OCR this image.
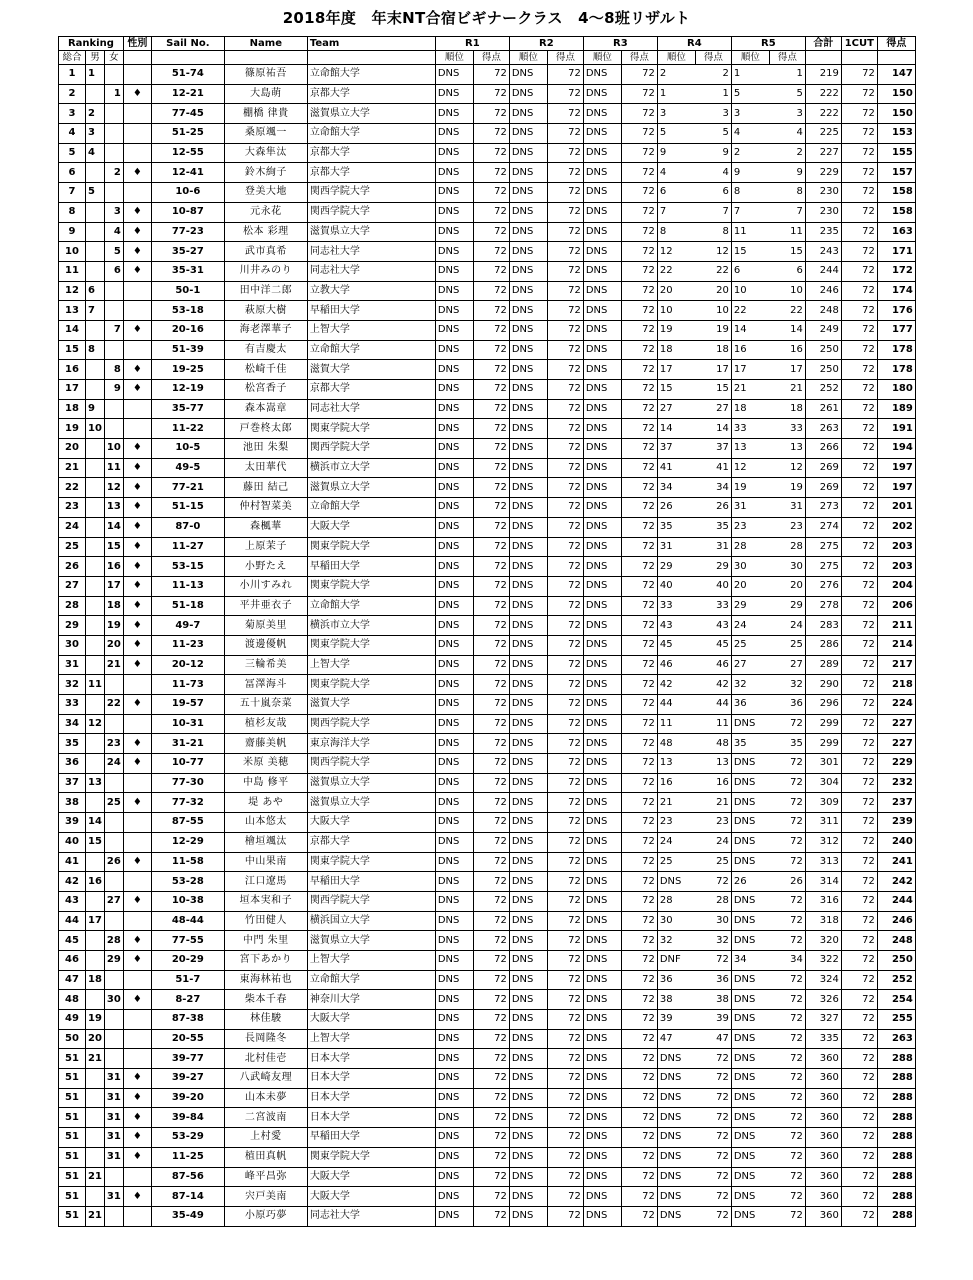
2018年度　年末NT合宿ビギナークラス　4〜8班リザルト
Ranking			性別	Sail No.	Name	Team	R1		R2		R3		R4		R5		合計	1CUT	得点
総合	男	女					順位	得点	順位	得点	順位	得点	順位	得点	順位	得点			
1	1			51-74	篠原祐吾	立命館大学	DNS	72	DNS	72	DNS	72	2	2	1	1	219	72	147
2		1	♦	12-21	大島萌	京都大学	DNS	72	DNS	72	DNS	72	1	1	5	5	222	72	150
3	2			77-45	棚橋 律貴	滋賀県立大学	DNS	72	DNS	72	DNS	72	3	3	3	3	222	72	150
4	3			51-25	桑原颯一	立命館大学	DNS	72	DNS	72	DNS	72	5	5	4	4	225	72	153
5	4			12-55	大森隼汰	京都大学	DNS	72	DNS	72	DNS	72	9	9	2	2	227	72	155
6		2	♦	12-41	鈴木絢子	京都大学	DNS	72	DNS	72	DNS	72	4	4	9	9	229	72	157
7	5			10-6	登美大地	関西学院大学	DNS	72	DNS	72	DNS	72	6	6	8	8	230	72	158
8		3	♦	10-87	元永花	関西学院大学	DNS	72	DNS	72	DNS	72	7	7	7	7	230	72	158
9		4	♦	77-23	松本 彩理	滋賀県立大学	DNS	72	DNS	72	DNS	72	8	8	11	11	235	72	163
10		5	♦	35-27	武市真希	同志社大学	DNS	72	DNS	72	DNS	72	12	12	15	15	243	72	171
11		6	♦	35-31	川井みのり	同志社大学	DNS	72	DNS	72	DNS	72	22	22	6	6	244	72	172
12	6			50-1	田中洋二郎	立教大学	DNS	72	DNS	72	DNS	72	20	20	10	10	246	72	174
13	7			53-18	萩原大樹	早稲田大学	DNS	72	DNS	72	DNS	72	10	10	22	22	248	72	176
14		7	♦	20-16	海老澤華子	上智大学	DNS	72	DNS	72	DNS	72	19	19	14	14	249	72	177
15	8			51-39	有吉慶太	立命館大学	DNS	72	DNS	72	DNS	72	18	18	16	16	250	72	178
16		8	♦	19-25	松崎千佳	滋賀大学	DNS	72	DNS	72	DNS	72	17	17	17	17	250	72	178
17		9	♦	12-19	松宮香子	京都大学	DNS	72	DNS	72	DNS	72	15	15	21	21	252	72	180
18	9			35-77	森本嵩章	同志社大学	DNS	72	DNS	72	DNS	72	27	27	18	18	261	72	189
19	10			11-22	戸巻柊太郎	関東学院大学	DNS	72	DNS	72	DNS	72	14	14	33	33	263	72	191
20		10	♦	10-5	池田 朱梨	関西学院大学	DNS	72	DNS	72	DNS	72	37	37	13	13	266	72	194
21		11	♦	49-5	太田華代	横浜市立大学	DNS	72	DNS	72	DNS	72	41	41	12	12	269	72	197
22		12	♦	77-21	藤田 結己	滋賀県立大学	DNS	72	DNS	72	DNS	72	34	34	19	19	269	72	197
23		13	♦	51-15	仲村智菜美	立命館大学	DNS	72	DNS	72	DNS	72	26	26	31	31	273	72	201
24		14	♦	87-0	森楓華	大阪大学	DNS	72	DNS	72	DNS	72	35	35	23	23	274	72	202
25		15	♦	11-27	上原茉子	関東学院大学	DNS	72	DNS	72	DNS	72	31	31	28	28	275	72	203
26		16	♦	53-15	小野たえ	早稲田大学	DNS	72	DNS	72	DNS	72	29	29	30	30	275	72	203
27		17	♦	11-13	小川すみれ	関東学院大学	DNS	72	DNS	72	DNS	72	40	40	20	20	276	72	204
28		18	♦	51-18	平井亜衣子	立命館大学	DNS	72	DNS	72	DNS	72	33	33	29	29	278	72	206
29		19	♦	49-7	菊原美里	横浜市立大学	DNS	72	DNS	72	DNS	72	43	43	24	24	283	72	211
30		20	♦	11-23	渡邊優帆	関東学院大学	DNS	72	DNS	72	DNS	72	45	45	25	25	286	72	214
31		21	♦	20-12	三輪希美	上智大学	DNS	72	DNS	72	DNS	72	46	46	27	27	289	72	217
32	11			11-73	冨澤海斗	関東学院大学	DNS	72	DNS	72	DNS	72	42	42	32	32	290	72	218
33		22	♦	19-57	五十嵐奈菜	滋賀大学	DNS	72	DNS	72	DNS	72	44	44	36	36	296	72	224
34	12			10-31	植杉友哉	関西学院大学	DNS	72	DNS	72	DNS	72	11	11	DNS	72	299	72	227
35		23	♦	31-21	齋藤美帆	東京海洋大学	DNS	72	DNS	72	DNS	72	48	48	35	35	299	72	227
36		24	♦	10-77	米原 美穂	関西学院大学	DNS	72	DNS	72	DNS	72	13	13	DNS	72	301	72	229
37	13			77-30	中島 修平	滋賀県立大学	DNS	72	DNS	72	DNS	72	16	16	DNS	72	304	72	232
38		25	♦	77-32	堤 あや	滋賀県立大学	DNS	72	DNS	72	DNS	72	21	21	DNS	72	309	72	237
39	14			87-55	山本悠太	大阪大学	DNS	72	DNS	72	DNS	72	23	23	DNS	72	311	72	239
40	15			12-29	檜垣颯汰	京都大学	DNS	72	DNS	72	DNS	72	24	24	DNS	72	312	72	240
41		26	♦	11-58	中山果南	関東学院大学	DNS	72	DNS	72	DNS	72	25	25	DNS	72	313	72	241
42	16			53-28	江口遼馬	早稲田大学	DNS	72	DNS	72	DNS	72	DNS	72	26	26	314	72	242
43		27	♦	10-38	垣本実和子	関西学院大学	DNS	72	DNS	72	DNS	72	28	28	DNS	72	316	72	244
44	17			48-44	竹田健人	横浜国立大学	DNS	72	DNS	72	DNS	72	30	30	DNS	72	318	72	246
45		28	♦	77-55	中門 朱里	滋賀県立大学	DNS	72	DNS	72	DNS	72	32	32	DNS	72	320	72	248
46		29	♦	20-29	宮下あかり	上智大学	DNS	72	DNS	72	DNS	72	DNF	72	34	34	322	72	250
47	18			51-7	東海林祐也	立命館大学	DNS	72	DNS	72	DNS	72	36	36	DNS	72	324	72	252
48		30	♦	8-27	柴本千春	神奈川大学	DNS	72	DNS	72	DNS	72	38	38	DNS	72	326	72	254
49	19			87-38	林佳駿	大阪大学	DNS	72	DNS	72	DNS	72	39	39	DNS	72	327	72	255
50	20			20-55	長岡隆冬	上智大学	DNS	72	DNS	72	DNS	72	47	47	DNS	72	335	72	263
51	21			39-77	北村佳壱	日本大学	DNS	72	DNS	72	DNS	72	DNS	72	DNS	72	360	72	288
51		31	♦	39-27	八武崎友理	日本大学	DNS	72	DNS	72	DNS	72	DNS	72	DNS	72	360	72	288
51		31	♦	39-20	山本未夢	日本大学	DNS	72	DNS	72	DNS	72	DNS	72	DNS	72	360	72	288
51		31	♦	39-84	二宮波南	日本大学	DNS	72	DNS	72	DNS	72	DNS	72	DNS	72	360	72	288
51		31	♦	53-29	上村愛	早稲田大学	DNS	72	DNS	72	DNS	72	DNS	72	DNS	72	360	72	288
51		31	♦	11-25	植田真帆	関東学院大学	DNS	72	DNS	72	DNS	72	DNS	72	DNS	72	360	72	288
51	21			87-56	峰平昌弥	大阪大学	DNS	72	DNS	72	DNS	72	DNS	72	DNS	72	360	72	288
51		31	♦	87-14	宍戸美南	大阪大学	DNS	72	DNS	72	DNS	72	DNS	72	DNS	72	360	72	288
51	21			35-49	小原巧夢	同志社大学	DNS	72	DNS	72	DNS	72	DNS	72	DNS	72	360	72	288
